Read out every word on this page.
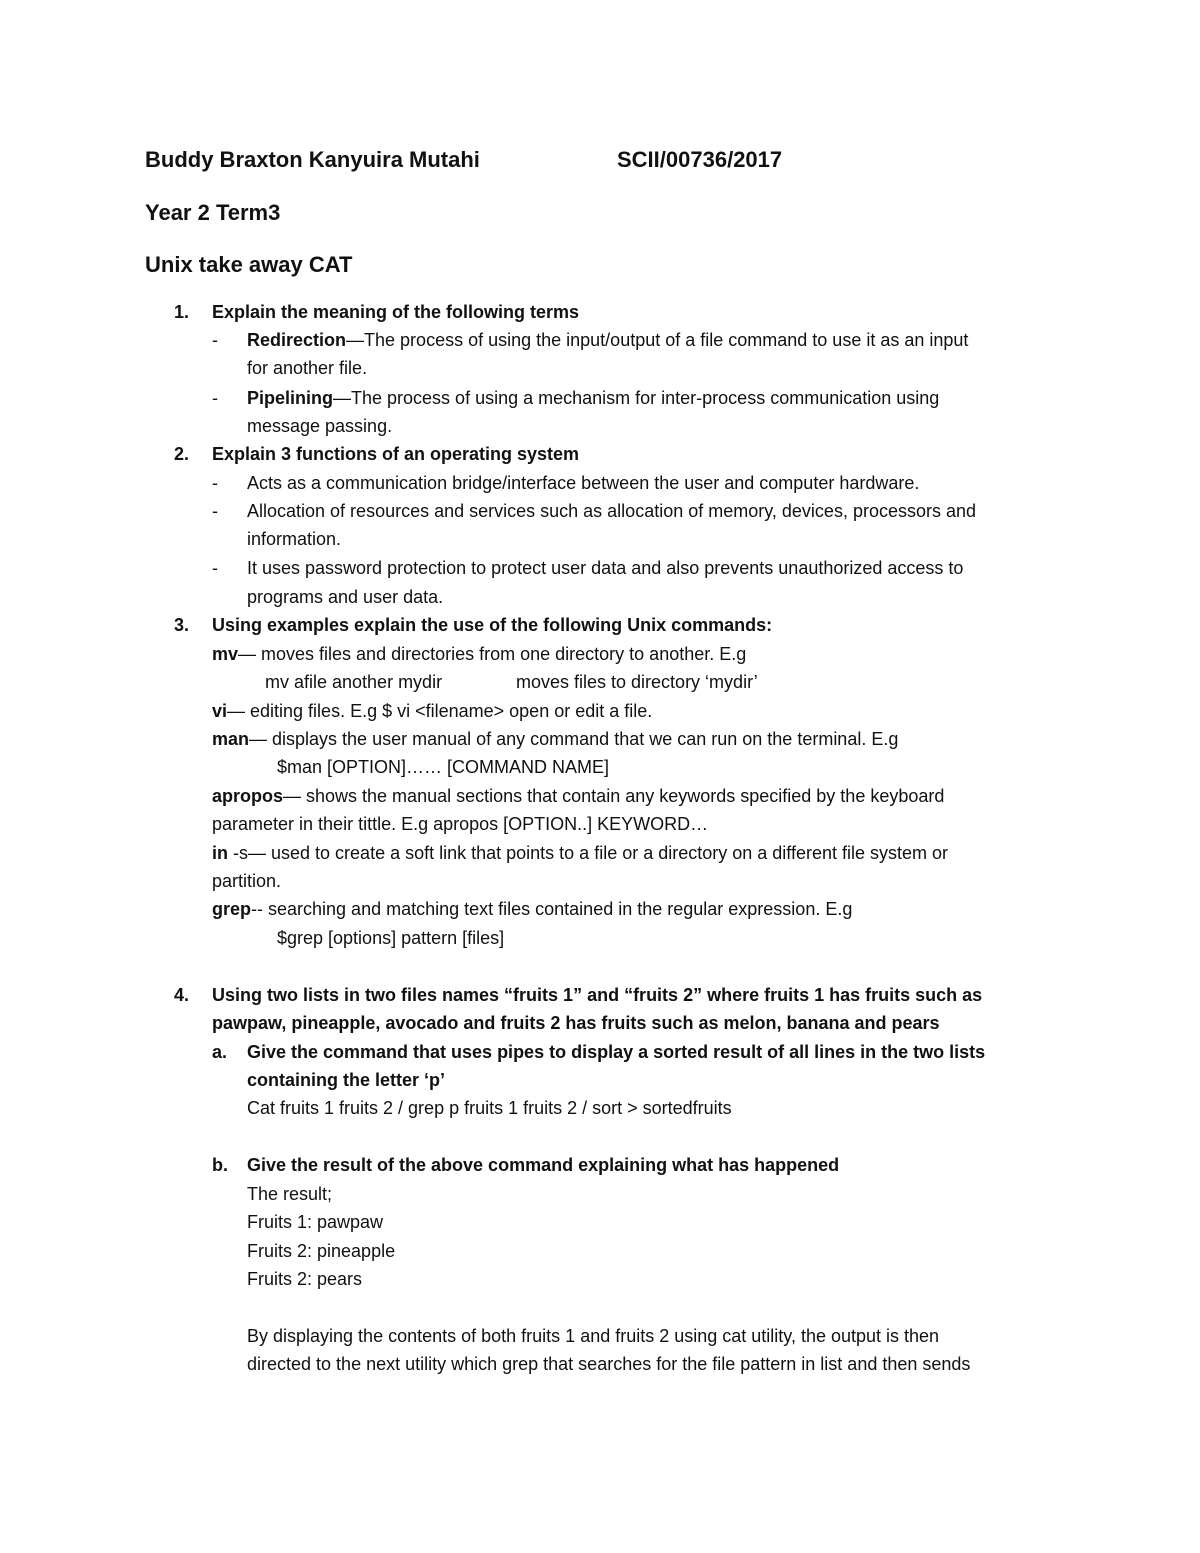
Buddy Braxton Kanyuira Mutahi	SCII/00736/2017
Year 2 Term3
Unix take away CAT
1. Explain the meaning of the following terms
- Redirection—The process of using the input/output of a file command to use it as an input
for another file.
- Pipelining—The process of using a mechanism for inter-process communication using
message passing.
2. Explain 3 functions of an operating system
- Acts as a communication bridge/interface between the user and computer hardware.
- Allocation of resources and services such as allocation of memory, devices, processors and
information.
- It uses password protection to protect user data and also prevents unauthorized access to
programs and user data.
3. Using examples explain the use of the following Unix commands:
mv— moves files and directories from one directory to another. E.g
mv afile another mydir	moves files to directory ‘mydir’
vi— editing files. E.g $ vi <filename> open or edit a file.
man— displays the user manual of any command that we can run on the terminal. E.g
$man [OPTION]…… [COMMAND NAME]
apropos— shows the manual sections that contain any keywords specified by the keyboard
parameter in their tittle. E.g apropos [OPTION..] KEYWORD…
in -s— used to create a soft link that points to a file or a directory on a different file system or
partition.
grep-- searching and matching text files contained in the regular expression. E.g
$grep [options] pattern [files]
4. Using two lists in two files names “fruits 1” and “fruits 2” where fruits 1 has fruits such as
pawpaw, pineapple, avocado and fruits 2 has fruits such as melon, banana and pears
a. Give the command that uses pipes to display a sorted result of all lines in the two lists
containing the letter ‘p’
Cat fruits 1 fruits 2 / grep p fruits 1 fruits 2 / sort > sortedfruits
b. Give the result of the above command explaining what has happened
The result;
Fruits 1: pawpaw
Fruits 2: pineapple
Fruits 2: pears
By displaying the contents of both fruits 1 and fruits 2 using cat utility, the output is then
directed to the next utility which grep that searches for the file pattern in list and then sends
